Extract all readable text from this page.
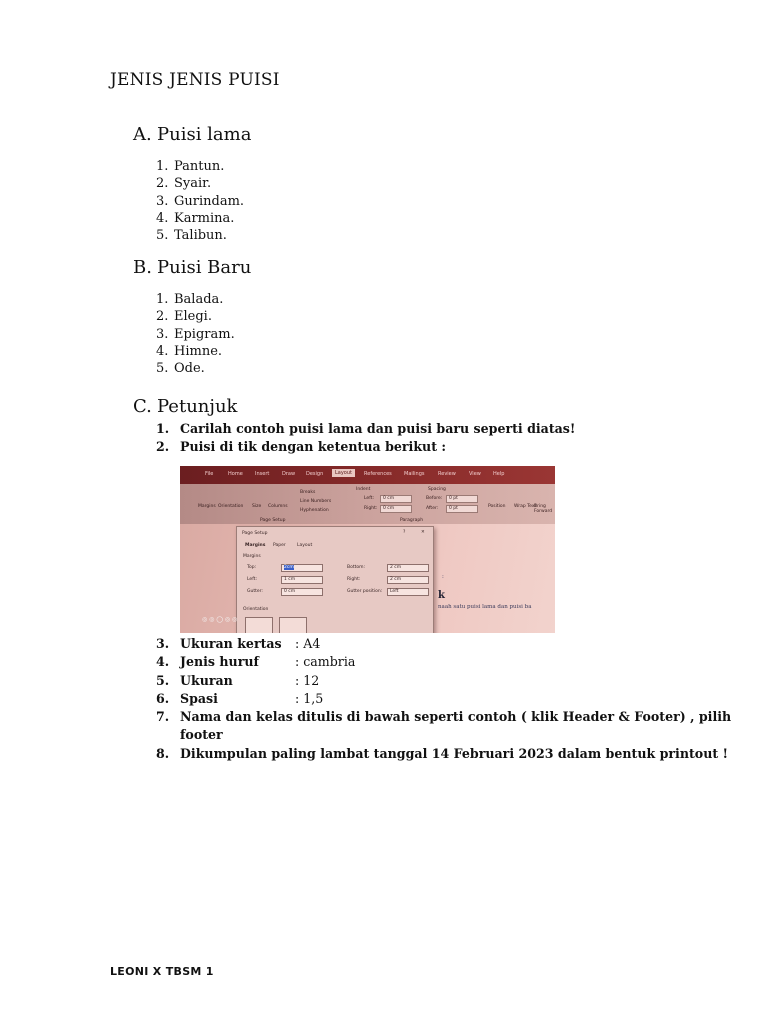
JENIS JENIS PUISI
A. Puisi lama
1. Pantun.
2. Syair.
3. Gurindam.
4. Karmina.
5. Talibun.
B. Puisi Baru
1. Balada.
2. Elegi.
3. Epigram.
4. Himne.
5. Ode.
C. Petunjuk
1. Carilah contoh puisi lama dan puisi baru seperti diatas!
2. Puisi di tik dengan ketentua berikut :
File	Home Insert	Draw Design	Layout	References Mailings	Review	View Help
Margins Orientation Size Columns
Breaks
Line Numbers
Hyphenation
Indent	Spacing
Left:
Right:
0 cm
0 cm
Before:
After:
0 pt
0 pt
Page Setup	Paragraph
Position Wrap Text
Bring Forward
Page Setup	?	✕
Margins Paper	Layout
Margins
Top:	2cm	Bottom:	2 cm
Left:	1 cm	Right:	2 cm
Gutter:	0 cm	Gutter position: Left
Orientation
k
naah satu puisi lama dan puisi ba
:
◎ ◎ ◯ ◎ ◎
3. Ukuran kertas : A4
4. Jenis huruf	: cambria
5. Ukuran	: 12
6. Spasi	: 1,5
7. Nama dan kelas ditulis di bawah seperti contoh ( klik Header & Footer) , pilih
footer
8. Dikumpulan paling lambat tanggal 14 Februari 2023 dalam bentuk printout !
LEONI X TBSM 1
